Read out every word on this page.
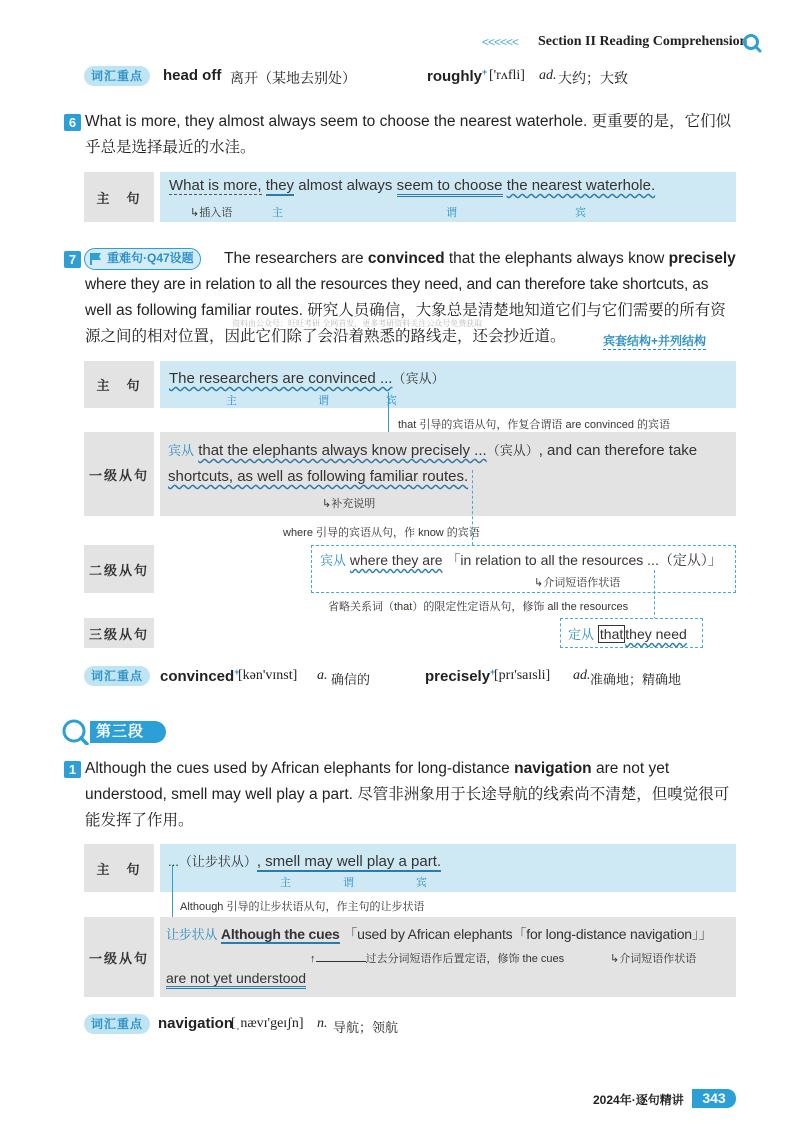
<<<<<< Section II Reading Comprehension
词汇重点	head off 离开（某地去别处）	roughly+ ['rʌfli] ad. 大约；大致
6 What is more, they almost always seem to choose the nearest waterhole. 更重要的是，它们似
乎总是选择最近的水洼。
主　句
What is more, they almost always seem to choose the nearest waterhole.
↳插入语	主	谓	宾
7	重难句·Q47设题	The researchers are convinced that the elephants always know precisely
where they are in relation to all the resources they need, and can therefore take shortcuts, as
well as following familiar routes. 研究人员确信，大象总是清楚地知道它们与它们需要的所有资
资料由公众号：旺旺考研 全网首发，更多考研资料关注公众号免费获取
源之间的相对位置，因此它们除了会沿着熟悉的路线走，还会抄近道。	宾套结构+并列结构
主　句	The researchers are convinced ...（宾从）
主	谓	宾
that 引导的宾语从句，作复合谓语 are convinced 的宾语
一级从句
宾从 that the elephants always know precisely ...（宾从）, and can therefore take
shortcuts, as well as following familiar routes.
↳补充说明
where 引导的宾语从句，作 know 的宾语
二级从句
宾从 where they are 「in relation to all the resources ...（定从）」
↳介词短语作状语
省略关系词（that）的限定性定语从句，修饰 all the resources
三级从句	定从 that they need
词汇重点	convinced+
[kən'vɪnst] a. 确信的	precisely+
[prɪ'saɪsli] ad. 准确地；精确地
第三段
1 Although the cues used by African elephants for long-distance navigation are not yet
understood, smell may well play a part. 尽管非洲象用于长途导航的线索尚不清楚，但嗅觉很可
能发挥了作用。
主　句	...（让步状从）, smell may well play a part.
主	谓	宾
Although 引导的让步状语从句，作主句的让步状语
一级从句
让步状从 Although the cues 「used by African elephants「for long-distance navigation」」
↑	过去分词短语作后置定语，修饰 the cues	↳介词短语作状语
are not yet understood
词汇重点 navigation
[ˌnævɪ'geɪʃn] n. 导航；领航
2024年·逐句精讲	343
